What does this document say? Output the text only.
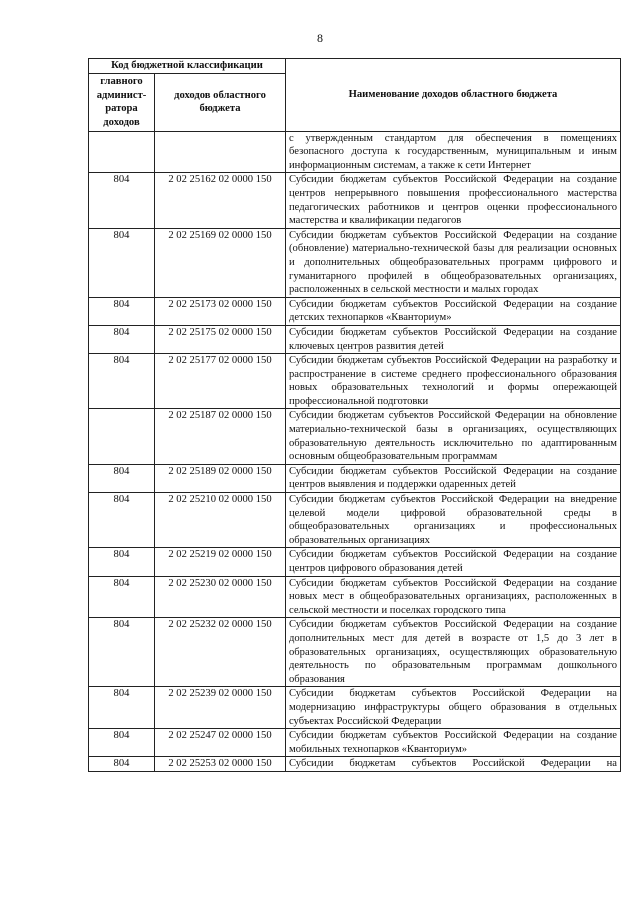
8
Код бюджетной классификации		Наименование доходов областного бюджета
главного админист-ратора доходов	доходов областного бюджета	
		с утвержденным стандартом для обеспечения в помещениях безопасного доступа к государственным, муниципальным и иным информационным системам, а также к сети Интернет
804	2 02 25162 02 0000 150	Субсидии бюджетам субъектов Российской Федерации на создание центров непрерывного повышения профессионального мастерства педагогических работников и центров оценки профессионального мастерства и квалификации педагогов
804	2 02 25169 02 0000 150	Субсидии бюджетам субъектов Российской Федерации на создание (обновление) материально-технической базы для реализации основных и дополнительных общеобразовательных программ цифрового и гуманитарного профилей в общеобразовательных организациях, расположенных в сельской местности и малых городах
804	2 02 25173 02 0000 150	Субсидии бюджетам субъектов Российской Федерации на создание детских технопарков «Кванториум»
804	2 02 25175 02 0000 150	Субсидии бюджетам субъектов Российской Федерации на создание ключевых центров развития детей
804	2 02 25177 02 0000 150	Субсидии бюджетам субъектов Российской Федерации на разработку и распространение в системе среднего профессионального образования новых образовательных технологий и формы опережающей профессиональной подготовки
	2 02 25187 02 0000 150	Субсидии бюджетам субъектов Российской Федерации на обновление материально-технической базы в организациях, осуществляющих образовательную деятельность исключительно по адаптированным основным общеобразовательным программам
804	2 02 25189 02 0000 150	Субсидии бюджетам субъектов Российской Федерации на создание центров выявления и поддержки одаренных детей
804	2 02 25210 02 0000 150	Субсидии бюджетам субъектов Российской Федерации на внедрение целевой модели цифровой образовательной среды в общеобразовательных организациях и профессиональных образовательных организациях
804	2 02 25219 02 0000 150	Субсидии бюджетам субъектов Российской Федерации на создание центров цифрового образования детей
804	2 02 25230 02 0000 150	Субсидии бюджетам субъектов Российской Федерации на создание новых мест в общеобразовательных организациях, расположенных в сельской местности и поселках городского типа
804	2 02 25232 02 0000 150	Субсидии бюджетам субъектов Российской Федерации на создание дополнительных мест для детей в возрасте от 1,5 до 3 лет в образовательных организациях, осуществляющих образовательную деятельность по образовательным программам дошкольного образования
804	2 02 25239 02 0000 150	Субсидии бюджетам субъектов Российской Федерации на модернизацию инфраструктуры общего образования в отдельных субъектах Российской Федерации
804	2 02 25247 02 0000 150	Субсидии бюджетам субъектов Российской Федерации на создание мобильных технопарков «Кванториум»
804	2 02 25253 02 0000 150	Субсидии бюджетам субъектов Российской Федерации на
